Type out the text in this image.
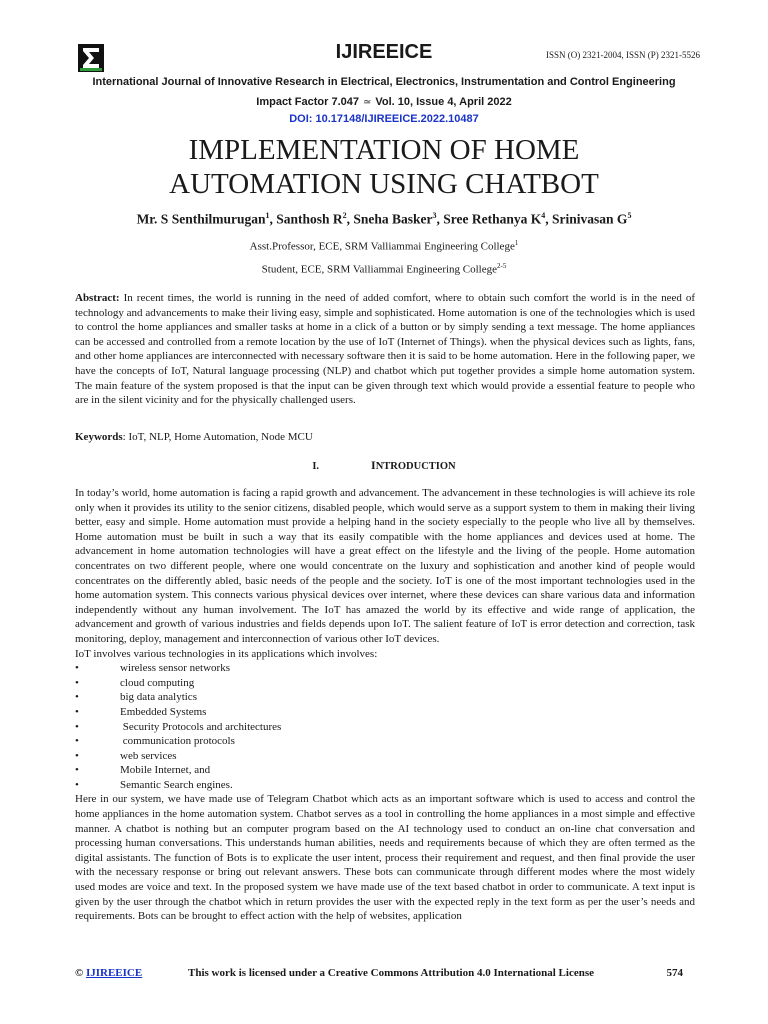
IJIREEICE	ISSN (O) 2321-2004, ISSN (P) 2321-5526
International Journal of Innovative Research in Electrical, Electronics, Instrumentation and Control Engineering
Impact Factor 7.047 ≃ Vol. 10, Issue 4, April 2022
DOI: 10.17148/IJIREEICE.2022.10487
IMPLEMENTATION OF HOME
AUTOMATION USING CHATBOT
Mr. S Senthilmurugan$^1$, Santhosh $R^2$, Sneha Basker$^3$, Sree Rethanya $K^4$, Srinivasan $G^5$
Asst.Professor, ECE, SRM Valliammai Engineering College$^1$
Student, ECE, SRM Valliammai Engineering College$^{2-5}$
Abstract: In recent times, the world is running in the need of added comfort, where to obtain such comfort the world is in the need of technology and advancements to make their living easy, simple and sophisticated. Home automation is one of the technologies which is used to control the home appliances and smaller tasks at home in a click of a button or by simply sending a text message. The home appliances can be accessed and controlled from a remote location by the use of IoT (Internet of Things). when the physical devices such as lights, fans, and other home appliances are interconnected with necessary software then it is said to be home automation. Here in the following paper, we have the concepts of IoT, Natural language processing (NLP) and chatbot which put together provides a simple home automation system. The main feature of the system proposed is that the input can be given through text which would provide a essential feature to people who are in the silent vicinity and for the physically challenged users.
Keywords: IoT, NLP, Home Automation, Node MCU
I.	INTRODUCTION
In today’s world, home automation is facing a rapid growth and advancement. The advancement in these technologies is will achieve its role only when it provides its utility to the senior citizens, disabled people, which would serve as a support system to them in making their living better, easy and simple. Home automation must provide a helping hand in the society especially to the people who live all by themselves. Home automation must be built in such a way that its easily compatible with the home appliances and devices used at home. The advancement in home automation technologies will have a great effect on the lifestyle and the living of the people. Home automation concentrates on two different people, where one would concentrate on the luxury and sophistication and another kind of people would concentrates on the differently abled, basic needs of the people and the society. IoT is one of the most important technologies used in the home automation system. This connects various physical devices over internet, where these devices can share various data and information independently without any human involvement. The IoT has amazed the world by its effective and wide range of application, the advancement and growth of various industries and fields depends upon IoT. The salient feature of IoT is error detection and correction, task monitoring, deploy, management and interconnection of various other IoT devices.
IoT involves various technologies in its applications which involves:
•	wireless sensor networks
•	cloud computing
•	big data analytics
•	Embedded Systems
•	Security Protocols and architectures
•	communication protocols
•	web services
•	Mobile Internet, and
•	Semantic Search engines.
Here in our system, we have made use of Telegram Chatbot which acts as an important software which is used to access and control the home appliances in the home automation system. Chatbot serves as a tool in controlling the home appliances in a most simple and effective manner. A chatbot is nothing but an computer program based on the AI technology used to conduct an on-line chat conversation and processing human conversations. This understands human abilities, needs and requirements because of which they are often termed as the digital assistants. The function of Bots is to explicate the user intent, process their requirement and request, and then final provide the user with the necessary response or bring out relevant answers. These bots can communicate through different modes where the most widely used modes are voice and text. In the proposed system we have made use of the text based chatbot in order to communicate. A text input is given by the user through the chatbot which in return provides the user with the expected reply in the text form as per the user’s needs and requirements. Bots can be brought to effect action with the help of websites, application
© IJIREEICE	This work is licensed under a Creative Commons Attribution 4.0 International License	574
